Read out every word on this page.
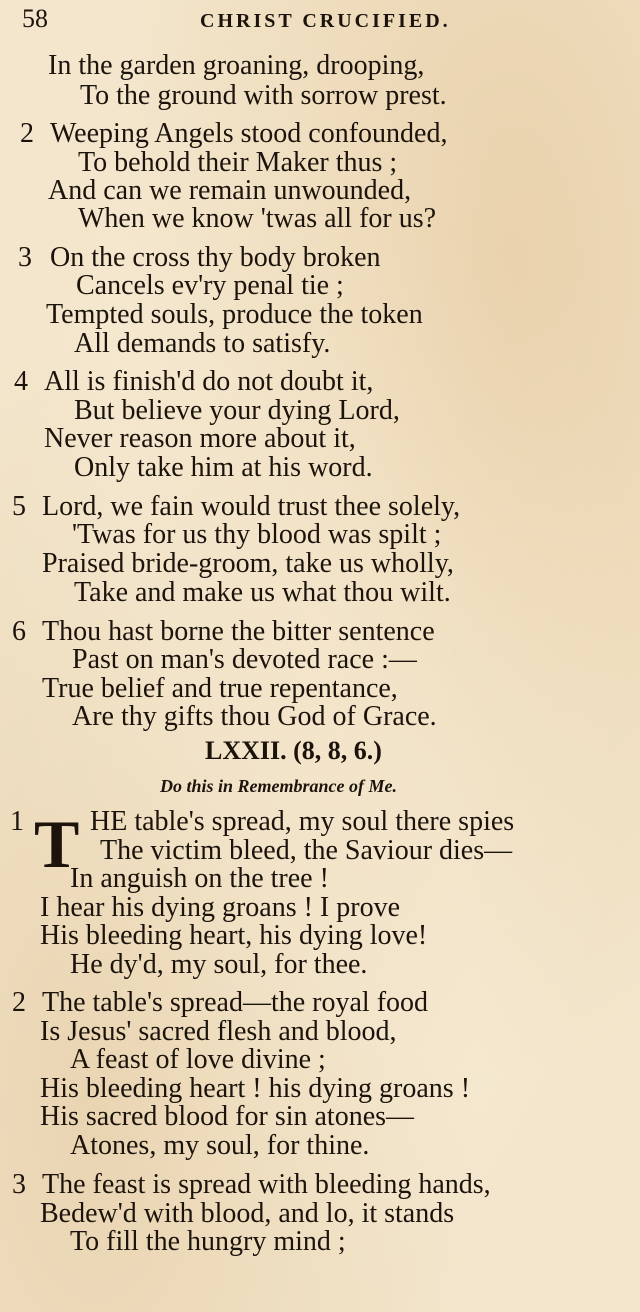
58	CHRIST CRUCIFIED.
In the garden groaning, drooping,
To the ground with sorrow prest.
2 Weeping Angels stood confounded,
To behold their Maker thus ;
And can we remain unwounded,
When we know 'twas all for us?
3 On the cross thy body broken
Cancels ev'ry penal tie ;
Tempted souls, produce the token
All demands to satisfy.
4 All is finish'd do not doubt it,
But believe your dying Lord,
Never reason more about it,
Only take him at his word.
5 Lord, we fain would trust thee solely,
'Twas for us thy blood was spilt ;
Praised bride-groom, take us wholly,
Take and make us what thou wilt.
6 Thou hast borne the bitter sentence
Past on man's devoted race :—
True belief and true repentance,
Are thy gifts thou God of Grace.
LXXII. (8, 8, 6.)
Do this in Remembrance of Me.
1 T HE table's spread, my soul there spies
The victim bleed, the Saviour dies—
In anguish on the tree !
I hear his dying groans ! I prove
His bleeding heart, his dying love!
He dy'd, my soul, for thee.
2 The table's spread—the royal food
Is Jesus' sacred flesh and blood,
A feast of love divine ;
His bleeding heart ! his dying groans !
His sacred blood for sin atones—
Atones, my soul, for thine.
3 The feast is spread with bleeding hands,
Bedew'd with blood, and lo, it stands
To fill the hungry mind ;
